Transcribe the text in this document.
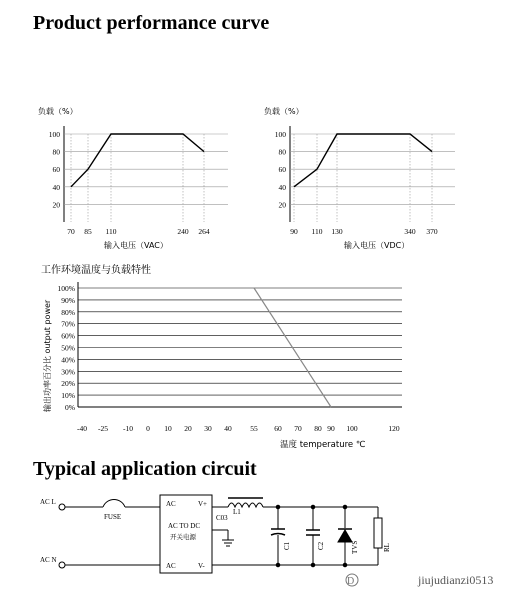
Product performance curve
Typical application circuit
负载（%）
100
80
60
40
20
70 85 110	240 264
输入电压（VAC）
负载（%）
100
80
60
40
20
90 110 130	340 370
输入电压（VDC）
工作环境温度与负载特性
100%
90%
80%
70%
60%
50%
40%
30%
20%
10%
0%
-40 -25 -10 0 10 20 30 40 55 60 70 80 90 100	120
输出功率百分比 output power
温度 temperature ℃
AC L
AC N
FUSE
AC
AC
V+
V-
AC TO DC
开关电源
L1
C03
C1	C2	TVS	RL
D	jiujudianzi0513
